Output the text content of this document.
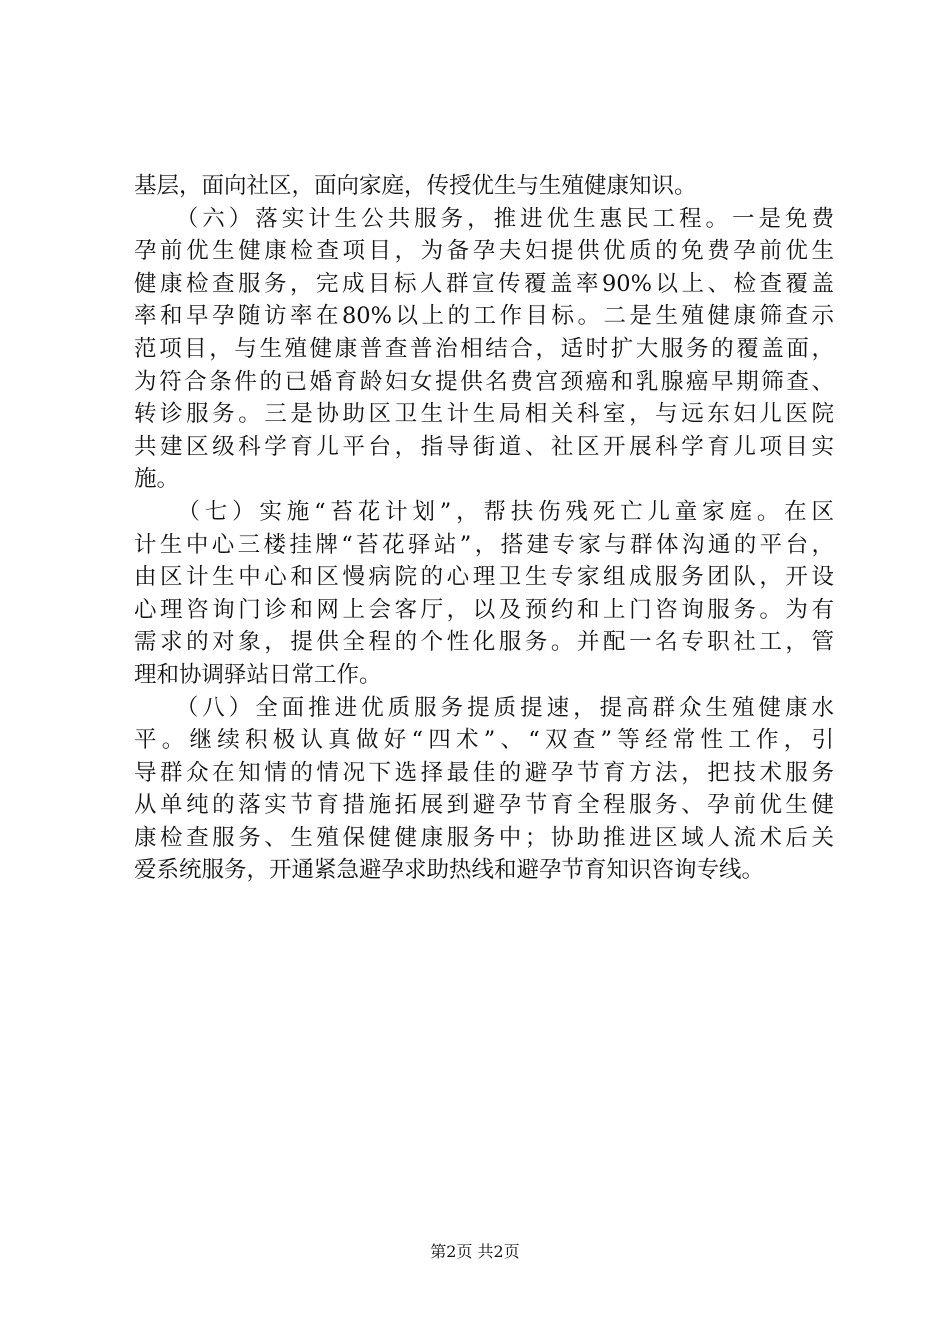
基层，面向社区，面向家庭，传授优生与生殖健康知识。
　　（六）落实计生公共服务，推进优生惠民工程。一是免费
孕前优生健康检查项目，为备孕夫妇提供优质的免费孕前优生
健康检查服务，完成目标人群宣传覆盖率90%以上、检查覆盖
率和早孕随访率在80%以上的工作目标。二是生殖健康筛查示
范项目，与生殖健康普查普治相结合，适时扩大服务的覆盖面，
为符合条件的已婚育龄妇女提供名费宫颈癌和乳腺癌早期筛查、
转诊服务。三是协助区卫生计生局相关科室，与远东妇儿医院
共建区级科学育儿平台，指导街道、社区开展科学育儿项目实
施。
　　（七）实施“苔花计划”，帮扶伤残死亡儿童家庭。在区
计生中心三楼挂牌“苔花驿站”，搭建专家与群体沟通的平台，
由区计生中心和区慢病院的心理卫生专家组成服务团队，开设
心理咨询门诊和网上会客厅，以及预约和上门咨询服务。为有
需求的对象，提供全程的个性化服务。并配一名专职社工，管
理和协调驿站日常工作。
　　（八）全面推进优质服务提质提速，提高群众生殖健康水
平。继续积极认真做好“四术”、“双查”等经常性工作，引
导群众在知情的情况下选择最佳的避孕节育方法，把技术服务
从单纯的落实节育措施拓展到避孕节育全程服务、孕前优生健
康检查服务、生殖保健健康服务中；协助推进区域人流术后关
爱系统服务，开通紧急避孕求助热线和避孕节育知识咨询专线。
第2页 共2页
